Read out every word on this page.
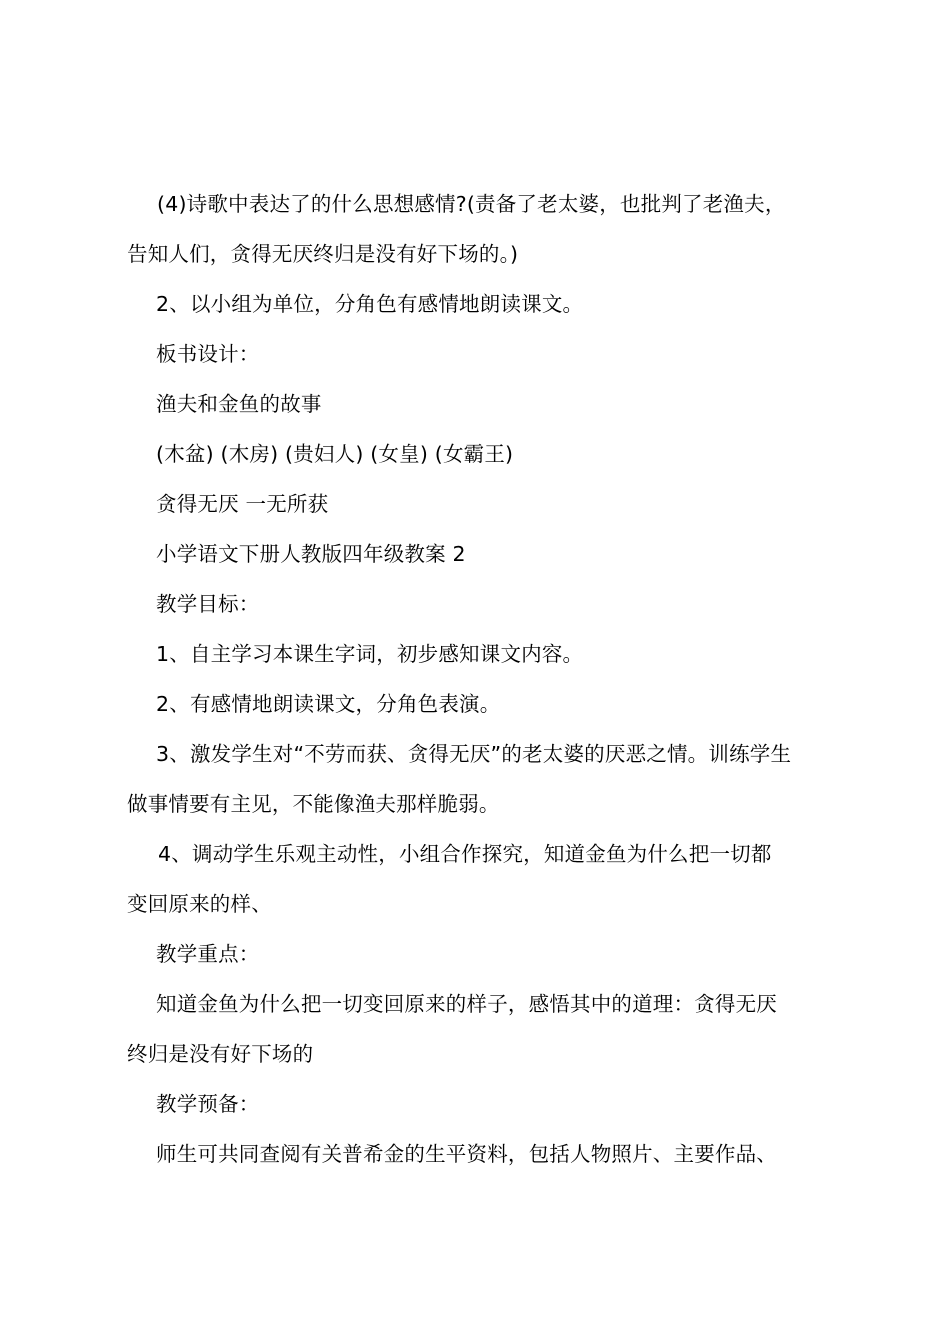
(4)诗歌中表达了的什么思想感情?(责备了老太婆，也批判了老渔夫，
告知人们，贪得无厌终归是没有好下场的。)
2、以小组为单位，分角色有感情地朗读课文。
板书设计：
渔夫和金鱼的故事
(木盆) (木房) (贵妇人) (女皇) (女霸王)
贪得无厌 一无所获
小学语文下册人教版四年级教案 2
教学目标：
1、自主学习本课生字词，初步感知课文内容。
2、有感情地朗读课文，分角色表演。
3、激发学生对“不劳而获、贪得无厌”的老太婆的厌恶之情。训练学生
做事情要有主见，不能像渔夫那样脆弱。
4、调动学生乐观主动性，小组合作探究，知道金鱼为什么把一切都
变回原来的样、
教学重点：
知道金鱼为什么把一切变回原来的样子，感悟其中的道理：贪得无厌
终归是没有好下场的
教学预备：
师生可共同查阅有关普希金的生平资料，包括人物照片、主要作品、
